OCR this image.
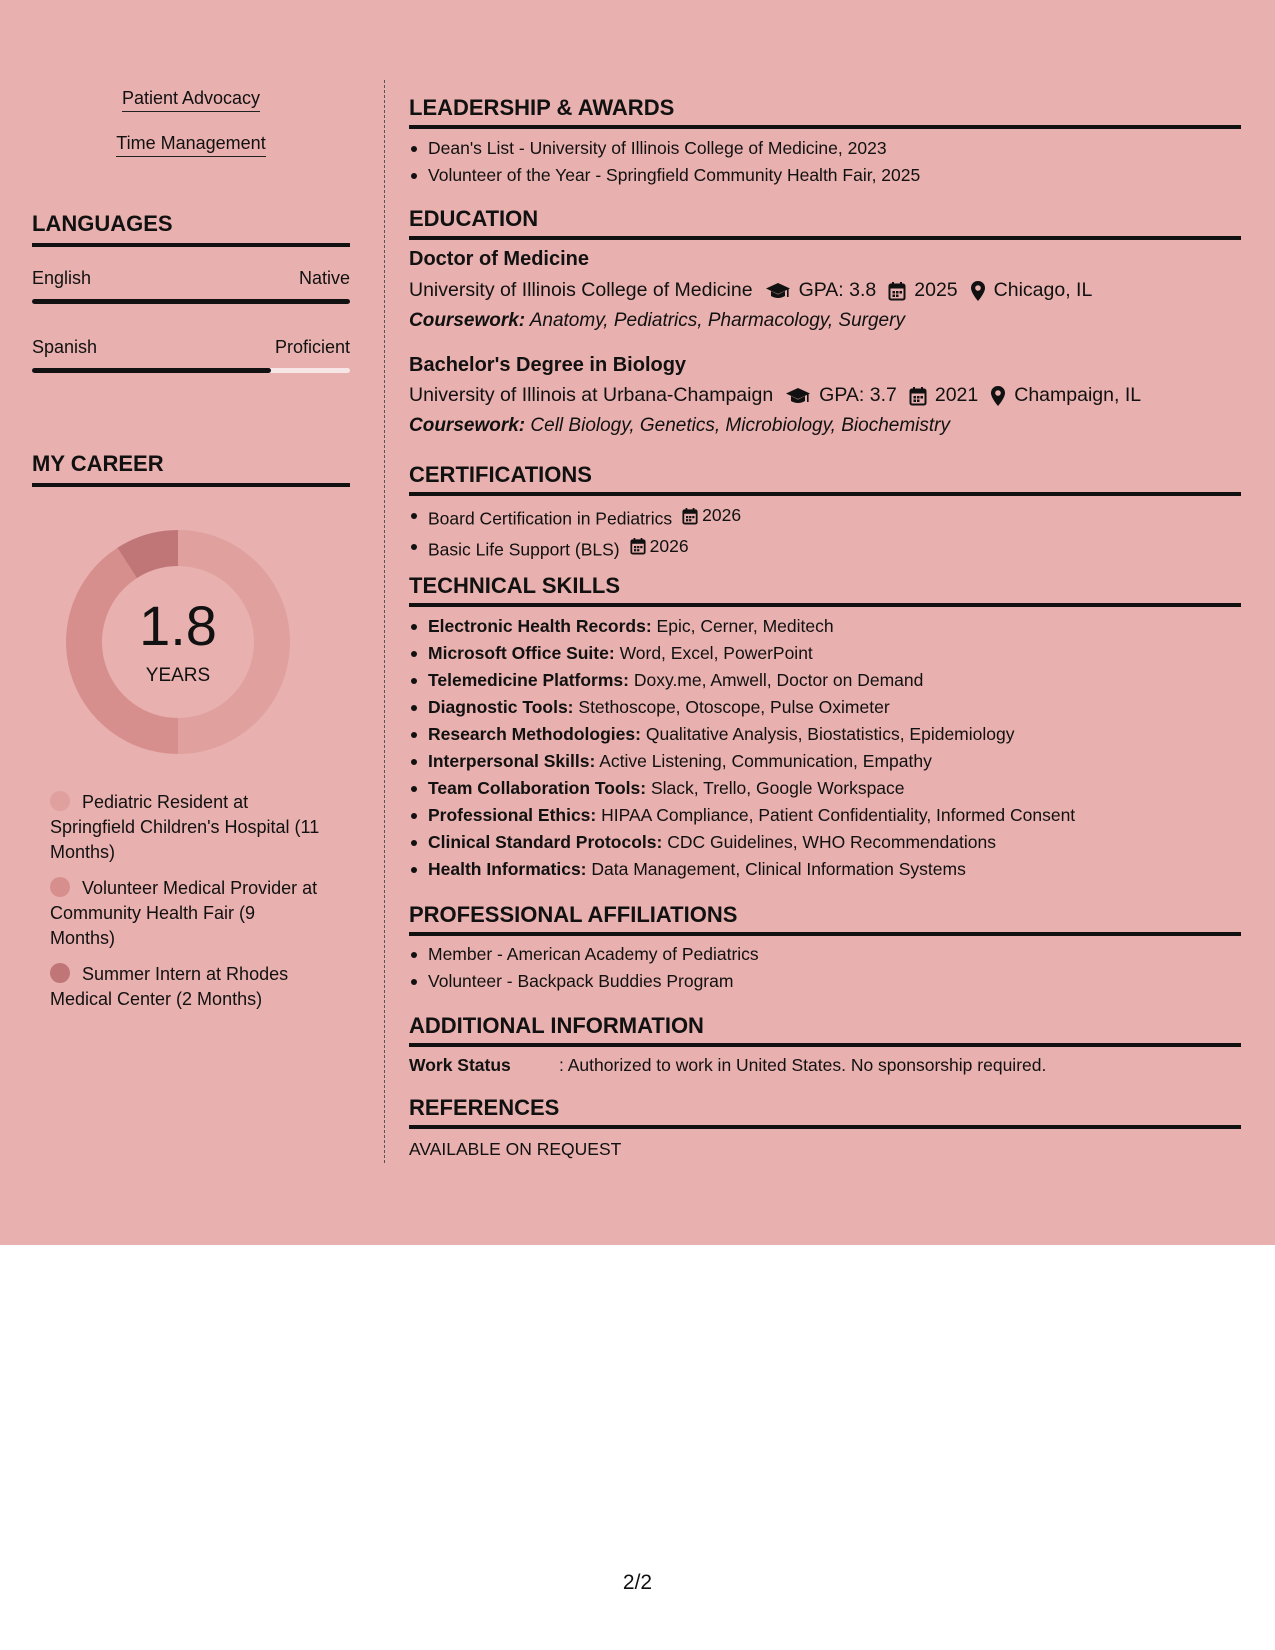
Patient Advocacy
Time Management
LANGUAGES
English	Native
Spanish	Proficient
MY CAREER
1.8
YEARS
Pediatric Resident at Springfield Children's Hospital (11 Months)
Volunteer Medical Provider at Community Health Fair (9 Months)
Summer Intern at Rhodes Medical Center (2 Months)
LEADERSHIP & AWARDS
Dean's List - University of Illinois College of Medicine, 2023
Volunteer of the Year - Springfield Community Health Fair, 2025
EDUCATION
Doctor of Medicine
University of Illinois College of Medicine GPA: 3.8 2025 Chicago, IL
Coursework: Anatomy, Pediatrics, Pharmacology, Surgery
Bachelor's Degree in Biology
University of Illinois at Urbana-Champaign GPA: 3.7 2021 Champaign, IL
Coursework: Cell Biology, Genetics, Microbiology, Biochemistry
CERTIFICATIONS
Board Certification in Pediatrics 2026
Basic Life Support (BLS) 2026
TECHNICAL SKILLS
Electronic Health Records: Epic, Cerner, Meditech
Microsoft Office Suite: Word, Excel, PowerPoint
Telemedicine Platforms: Doxy.me, Amwell, Doctor on Demand
Diagnostic Tools: Stethoscope, Otoscope, Pulse Oximeter
Research Methodologies: Qualitative Analysis, Biostatistics, Epidemiology
Interpersonal Skills: Active Listening, Communication, Empathy
Team Collaboration Tools: Slack, Trello, Google Workspace
Professional Ethics: HIPAA Compliance, Patient Confidentiality, Informed Consent
Clinical Standard Protocols: CDC Guidelines, WHO Recommendations
Health Informatics: Data Management, Clinical Information Systems
PROFESSIONAL AFFILIATIONS
Member - American Academy of Pediatrics
Volunteer - Backpack Buddies Program
ADDITIONAL INFORMATION
Work Status	: Authorized to work in United States. No sponsorship required.
REFERENCES
AVAILABLE ON REQUEST
2/2
